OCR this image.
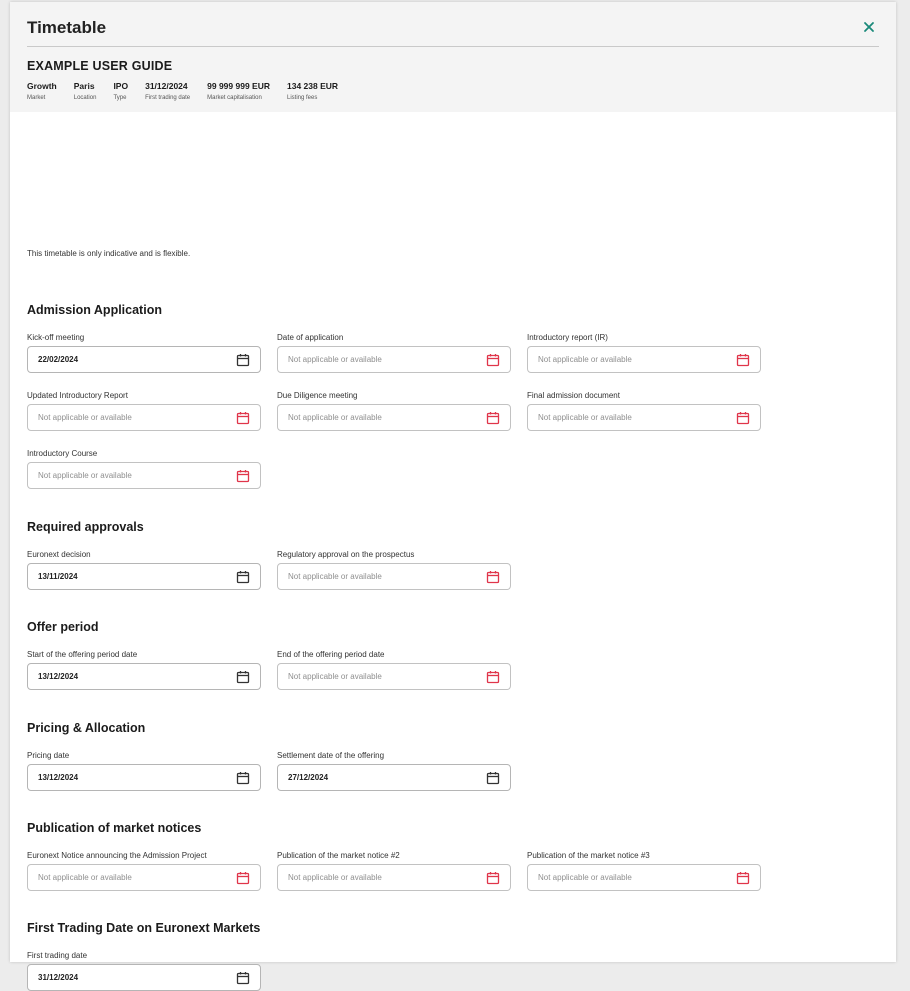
Timetable
EXAMPLE USER GUIDE
Growth
Market
Paris
Location
IPO
Type
31/12/2024
First trading date
99 999 999 EUR
Market capitalisation
134 238 EUR
Listing fees
This timetable is only indicative and is flexible.
Admission Application
Kick-off meeting
22/02/2024
Date of application
Not applicable or available
Introductory report (IR)
Not applicable or available
Updated Introductory Report
Not applicable or available
Due Diligence meeting
Not applicable or available
Final admission document
Not applicable or available
Introductory Course
Not applicable or available
Required approvals
Euronext decision
13/11/2024
Regulatory approval on the prospectus
Not applicable or available
Offer period
Start of the offering period date
13/12/2024
End of the offering period date
Not applicable or available
Pricing & Allocation
Pricing date
13/12/2024
Settlement date of the offering
27/12/2024
Publication of market notices
Euronext Notice announcing the Admission Project
Not applicable or available
Publication of the market notice #2
Not applicable or available
Publication of the market notice #3
Not applicable or available
First Trading Date on Euronext Markets
First trading date
31/12/2024
